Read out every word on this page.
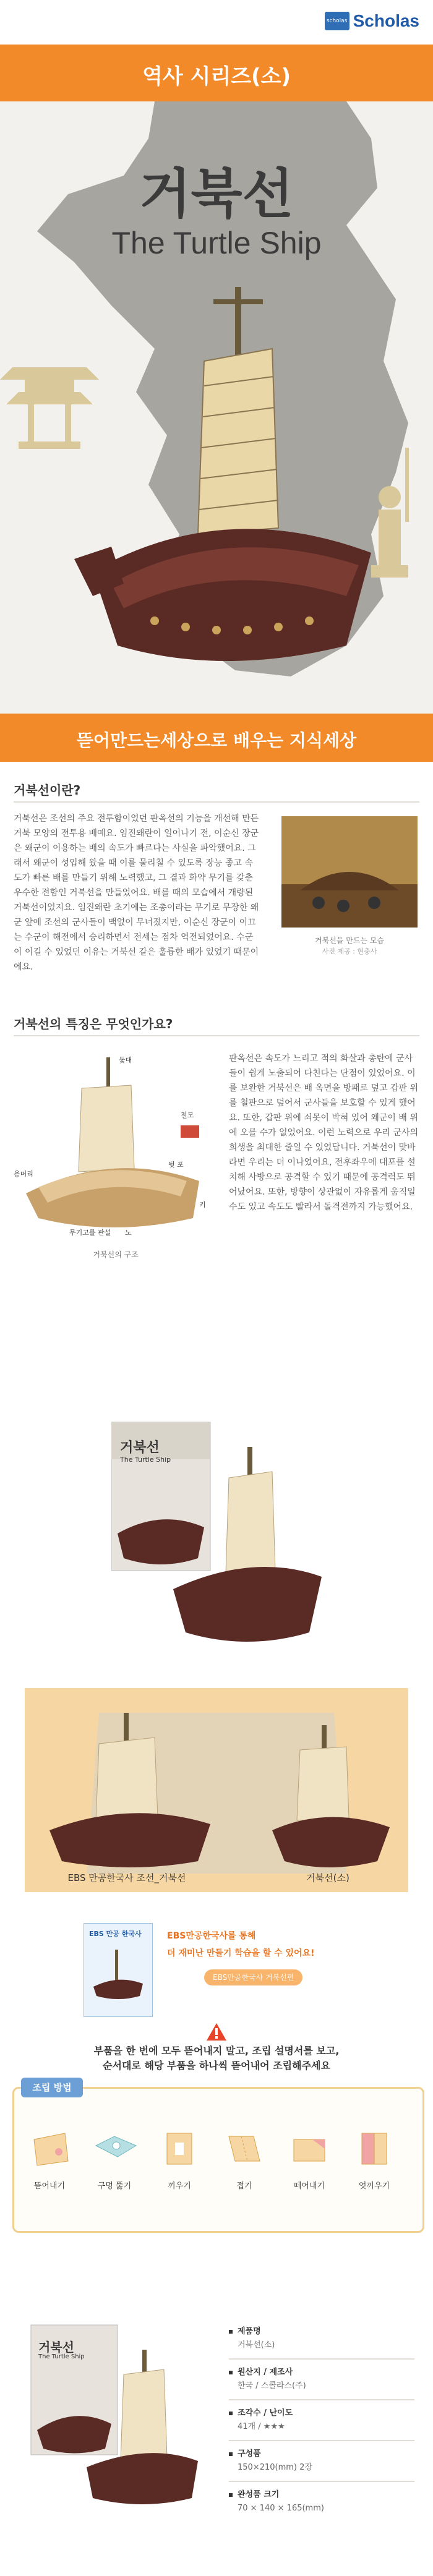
scholas Scholas
역사 시리즈(소)
거북선
The Turtle Ship
뜯어만드는세상으로 배우는 지식세상
거북선이란?
거북선은 조선의 주요 전투함이었던 판옥선의 기능을 개선해 만든 거북 모양의 전투용 배예요. 임진왜란이 일어나기 전, 이순신 장군은 왜군이 이용하는 배의 속도가 빠르다는 사실을 파악했어요. 그래서 왜군이 성입해 왔을 때 이를 물리칠 수 있도록 장능 좋고 속도가 빠른 배를 만들기 위해 노력했고, 그 결과 화약 무기를 갖춘 우수한 전함인 거북선을 만들었어요. 배를 때의 모습에서 개량된 거북선이었지요. 임진왜란 초기에는 조총이라는 무기로 무장한 왜군 앞에 조선의 군사들이 맥없이 무너졌지만, 이순신 장군이 이끄는 수군이 해전에서 승리하면서 전세는 점차 역전되었어요. 수군이 이길 수 있었던 이유는 거북선 같은 훌륭한 배가 있었기 때문이에요.
거북선을 만드는 모습
사진 제공 : 현충사
거북선의 특징은 무엇인가요?
돛대
철모
용머리
뒷 포
무기고를 판설 노
키
거북선의 구조
판옥선은 속도가 느리고 적의 화살과 총탄에 군사들이 쉽게 노출되어 다친다는 단점이 있었어요. 이를 보완한 거북선은 배 옥면을 방패로 덮고 갑판 위를 철판으로 덮어서 군사들을 보호할 수 있게 했어요. 또한, 갑판 위에 쇠못이 박혀 있어 왜군이 배 위에 오를 수가 없었어요. 이런 노력으로 우리 군사의 희생을 최대한 줄일 수 있었답니다. 거북선이 맞바라면 우리는 더 이나었어요, 전후좌우에 대포를 설치해 사방으로 공격할 수 있기 때문에 공격력도 뛰어났어요. 또한, 방향이 상관없이 자유롭게 움직일 수도 있고 속도도 빨라서 돌격전까지 가능했어요.
거북선
The Turtle Ship
EBS 만공한국사 조선_거북선	거북선(소)
EBS 만공 한국사	EBS만공한국사를 통해
더 재미난 만들기 학습을 할 수 있어요!
EBS만공한국사 거북선편
부품을 한 번에 모두 뜯어내지 말고, 조립 설명서를 보고,
순서대로 해당 부품을 하나씩 뜯어내어 조립해주세요
조립 방법
뜯어내기	구멍 뚫기	끼우기	접기	떼어내기	엇끼우기
거북선
The Turtle Ship
제품명
거북선(소)
원산지 / 제조사
한국 / 스콜라스(주)
조각수 / 난이도
41개 / ★★★
구성품
150×210(mm) 2장
완성품 크기
70 × 140 × 165(mm)
